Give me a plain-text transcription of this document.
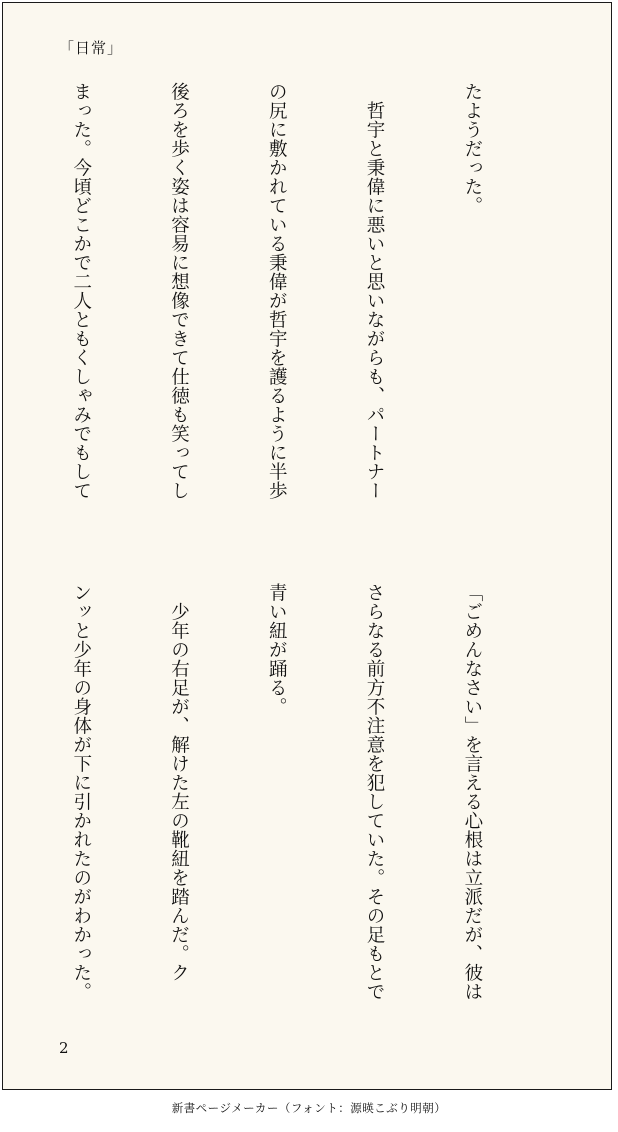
「日常」

たようだった。

　哲宇と秉偉に悪いと思いながらも、パートナー

の尻に敷かれている秉偉が哲宇を護るように半歩

後ろを歩く姿は容易に想像できて仕徳も笑ってし

まった。今頃どこかで二人ともくしゃみでもして

「ごめんなさい」を言える心根は立派だが、彼は

さらなる前方不注意を犯していた。その足もとで

青い紐が踊る。

　少年の右足が、解けた左の靴紐を踏んだ。ク

ンッと少年の身体が下に引かれたのがわかった。

2
新書ページメーカー（フォント：源暎こぶり明朝）
